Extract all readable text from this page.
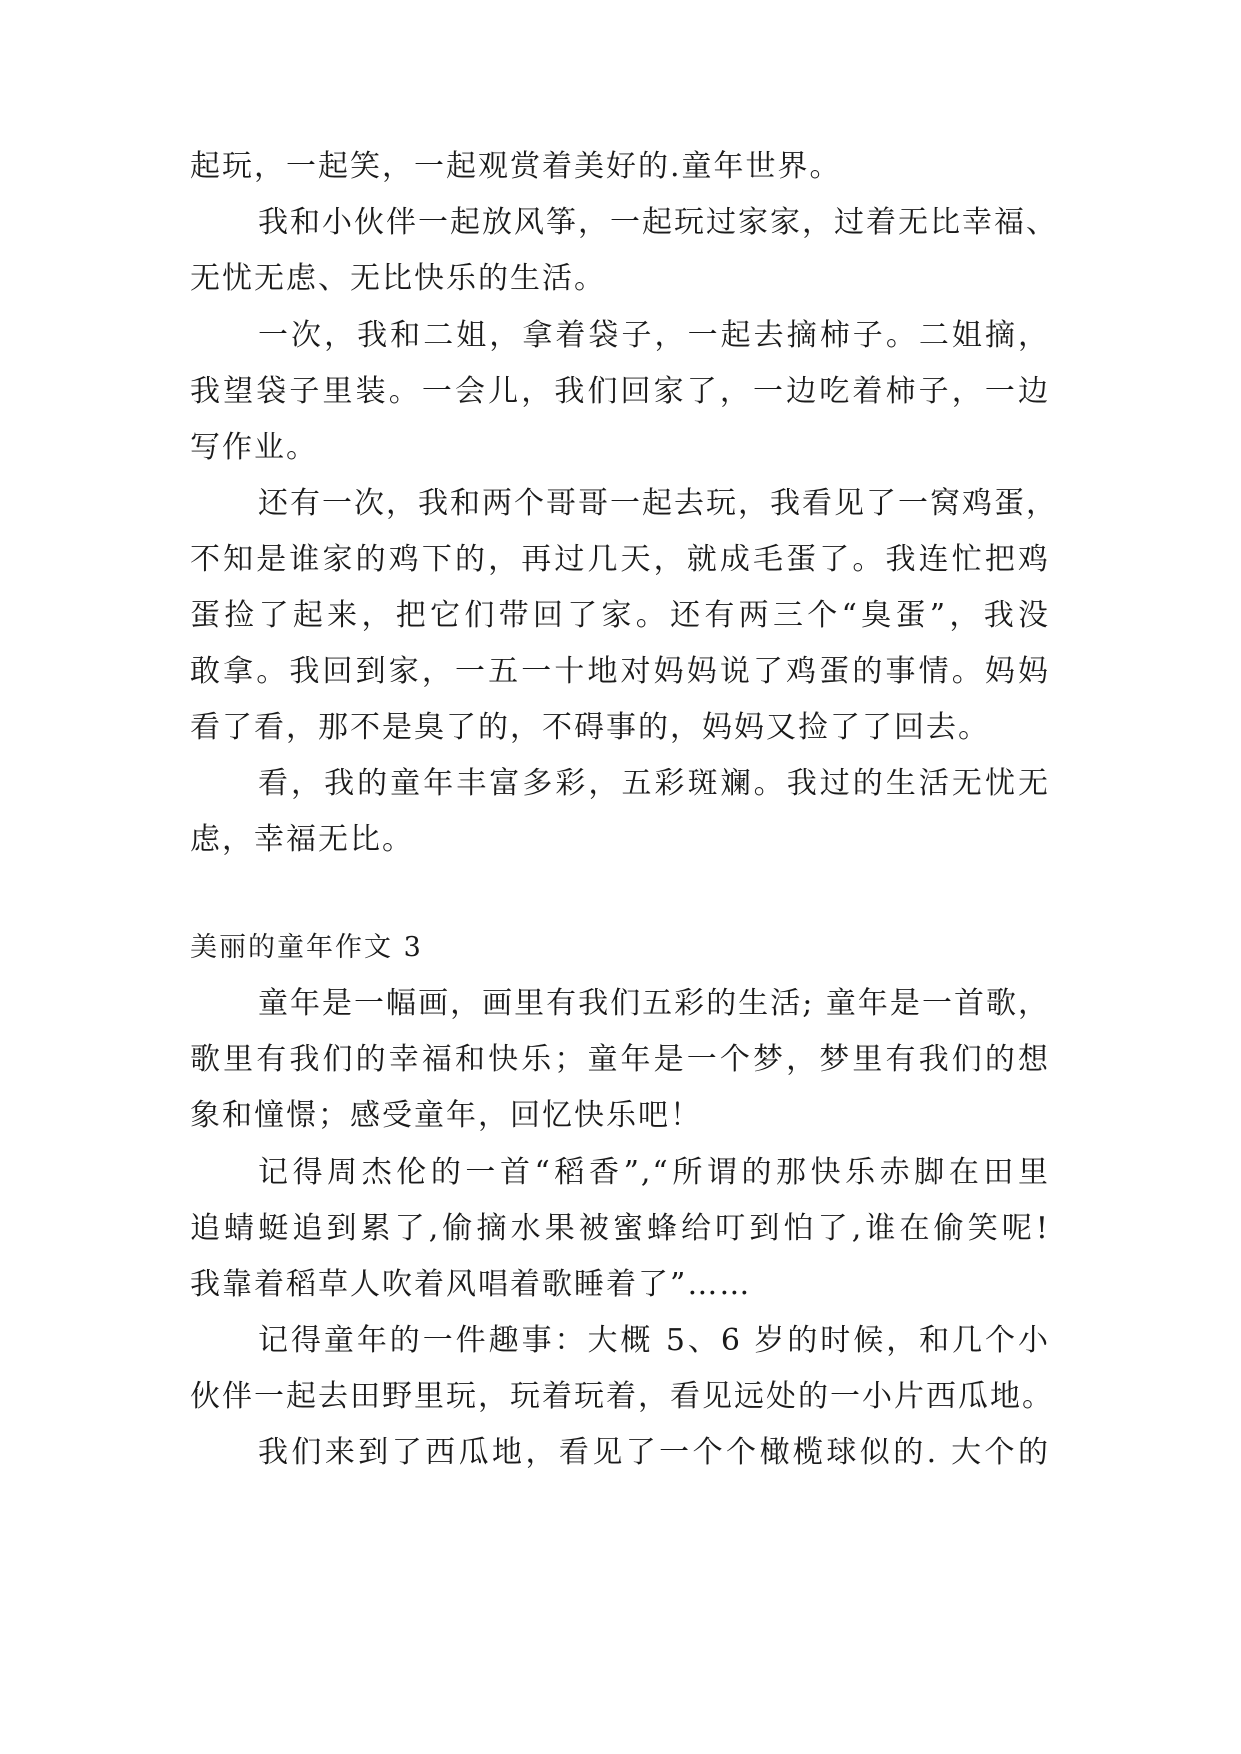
起玩，一起笑，一起观赏着美好的.童年世界。
我和小伙伴一起放风筝，一起玩过家家，过着无比幸福、
无忧无虑、无比快乐的生活。
一次，我和二姐，拿着袋子，一起去摘柿子。二姐摘，
我望袋子里装。一会儿，我们回家了，一边吃着柿子，一边
写作业。
还有一次，我和两个哥哥一起去玩，我看见了一窝鸡蛋，
不知是谁家的鸡下的，再过几天，就成毛蛋了。我连忙把鸡
蛋捡了起来，把它们带回了家。还有两三个“臭蛋”，我没
敢拿。我回到家，一五一十地对妈妈说了鸡蛋的事情。妈妈
看了看，那不是臭了的，不碍事的，妈妈又捡了了回去。
看，我的童年丰富多彩，五彩斑斓。我过的生活无忧无
虑，幸福无比。
美丽的童年作文 3
童年是一幅画，画里有我们五彩的生活; 童年是一首歌，
歌里有我们的幸福和快乐；童年是一个梦，梦里有我们的想
象和憧憬；感受童年，回忆快乐吧！
记得周杰伦的一首“稻香”,“所谓的那快乐赤脚在田里
追蜻蜓追到累了,偷摘水果被蜜蜂给叮到怕了,谁在偷笑呢!
我靠着稻草人吹着风唱着歌睡着了”……
记得童年的一件趣事：大概 5、6 岁的时候，和几个小
伙伴一起去田野里玩，玩着玩着，看见远处的一小片西瓜地。
我们来到了西瓜地，看见了一个个橄榄球似的. 大个的
